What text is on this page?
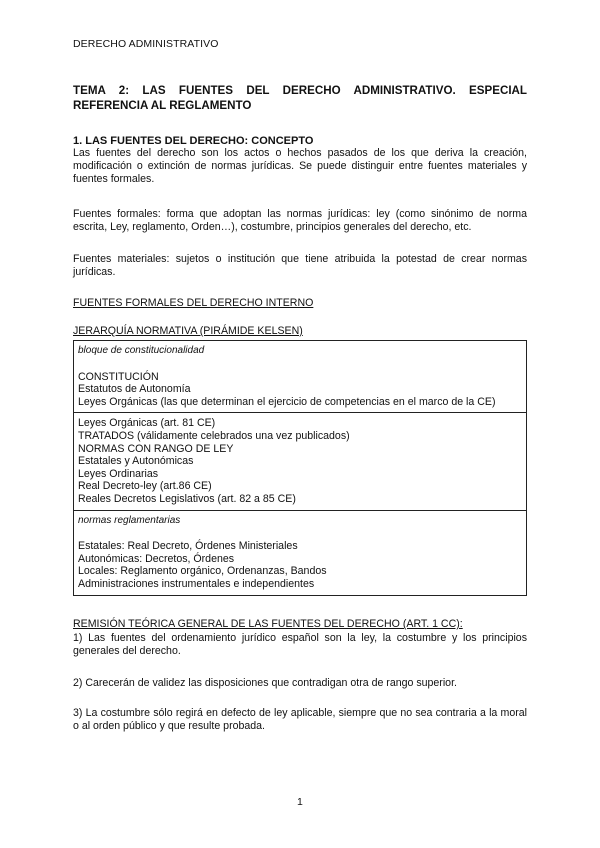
DERECHO ADMINISTRATIVO
TEMA 2: LAS FUENTES DEL DERECHO ADMINISTRATIVO. ESPECIAL REFERENCIA AL REGLAMENTO
1. LAS FUENTES DEL DERECHO: CONCEPTO
Las fuentes del derecho son los actos o hechos pasados de los que deriva la creación, modificación o extinción de normas jurídicas. Se puede distinguir entre fuentes materiales y fuentes formales.
Fuentes formales: forma que adoptan las normas jurídicas: ley (como sinónimo de norma escrita, Ley, reglamento, Orden…), costumbre, principios generales del derecho, etc.
Fuentes materiales: sujetos o institución que tiene atribuida la potestad de crear normas jurídicas.
FUENTES FORMALES DEL DERECHO INTERNO
JERARQUÍA NORMATIVA (PIRÁMIDE KELSEN)
bloque de constitucionalidad
CONSTITUCIÓN
Estatutos de Autonomía
Leyes Orgánicas (las que determinan el ejercicio de competencias en el marco de la CE)
Leyes Orgánicas (art. 81 CE)
TRATADOS (válidamente celebrados una vez publicados)
NORMAS CON RANGO DE LEY
Estatales y Autonómicas
Leyes Ordinarias
Real Decreto-ley (art.86 CE)
Reales Decretos Legislativos (art. 82 a 85 CE)
normas reglamentarias
Estatales: Real Decreto, Órdenes Ministeriales
Autonómicas: Decretos, Órdenes
Locales: Reglamento orgánico, Ordenanzas, Bandos
Administraciones instrumentales e independientes
REMISIÓN TEÓRICA GENERAL DE LAS FUENTES DEL DERECHO (ART. 1 CC):
1) Las fuentes del ordenamiento jurídico español son la ley, la costumbre y los principios generales del derecho.
2) Carecerán de validez las disposiciones que contradigan otra de rango superior.
3) La costumbre sólo regirá en defecto de ley aplicable, siempre que no sea contraria a la moral o al orden público y que resulte probada.
1
